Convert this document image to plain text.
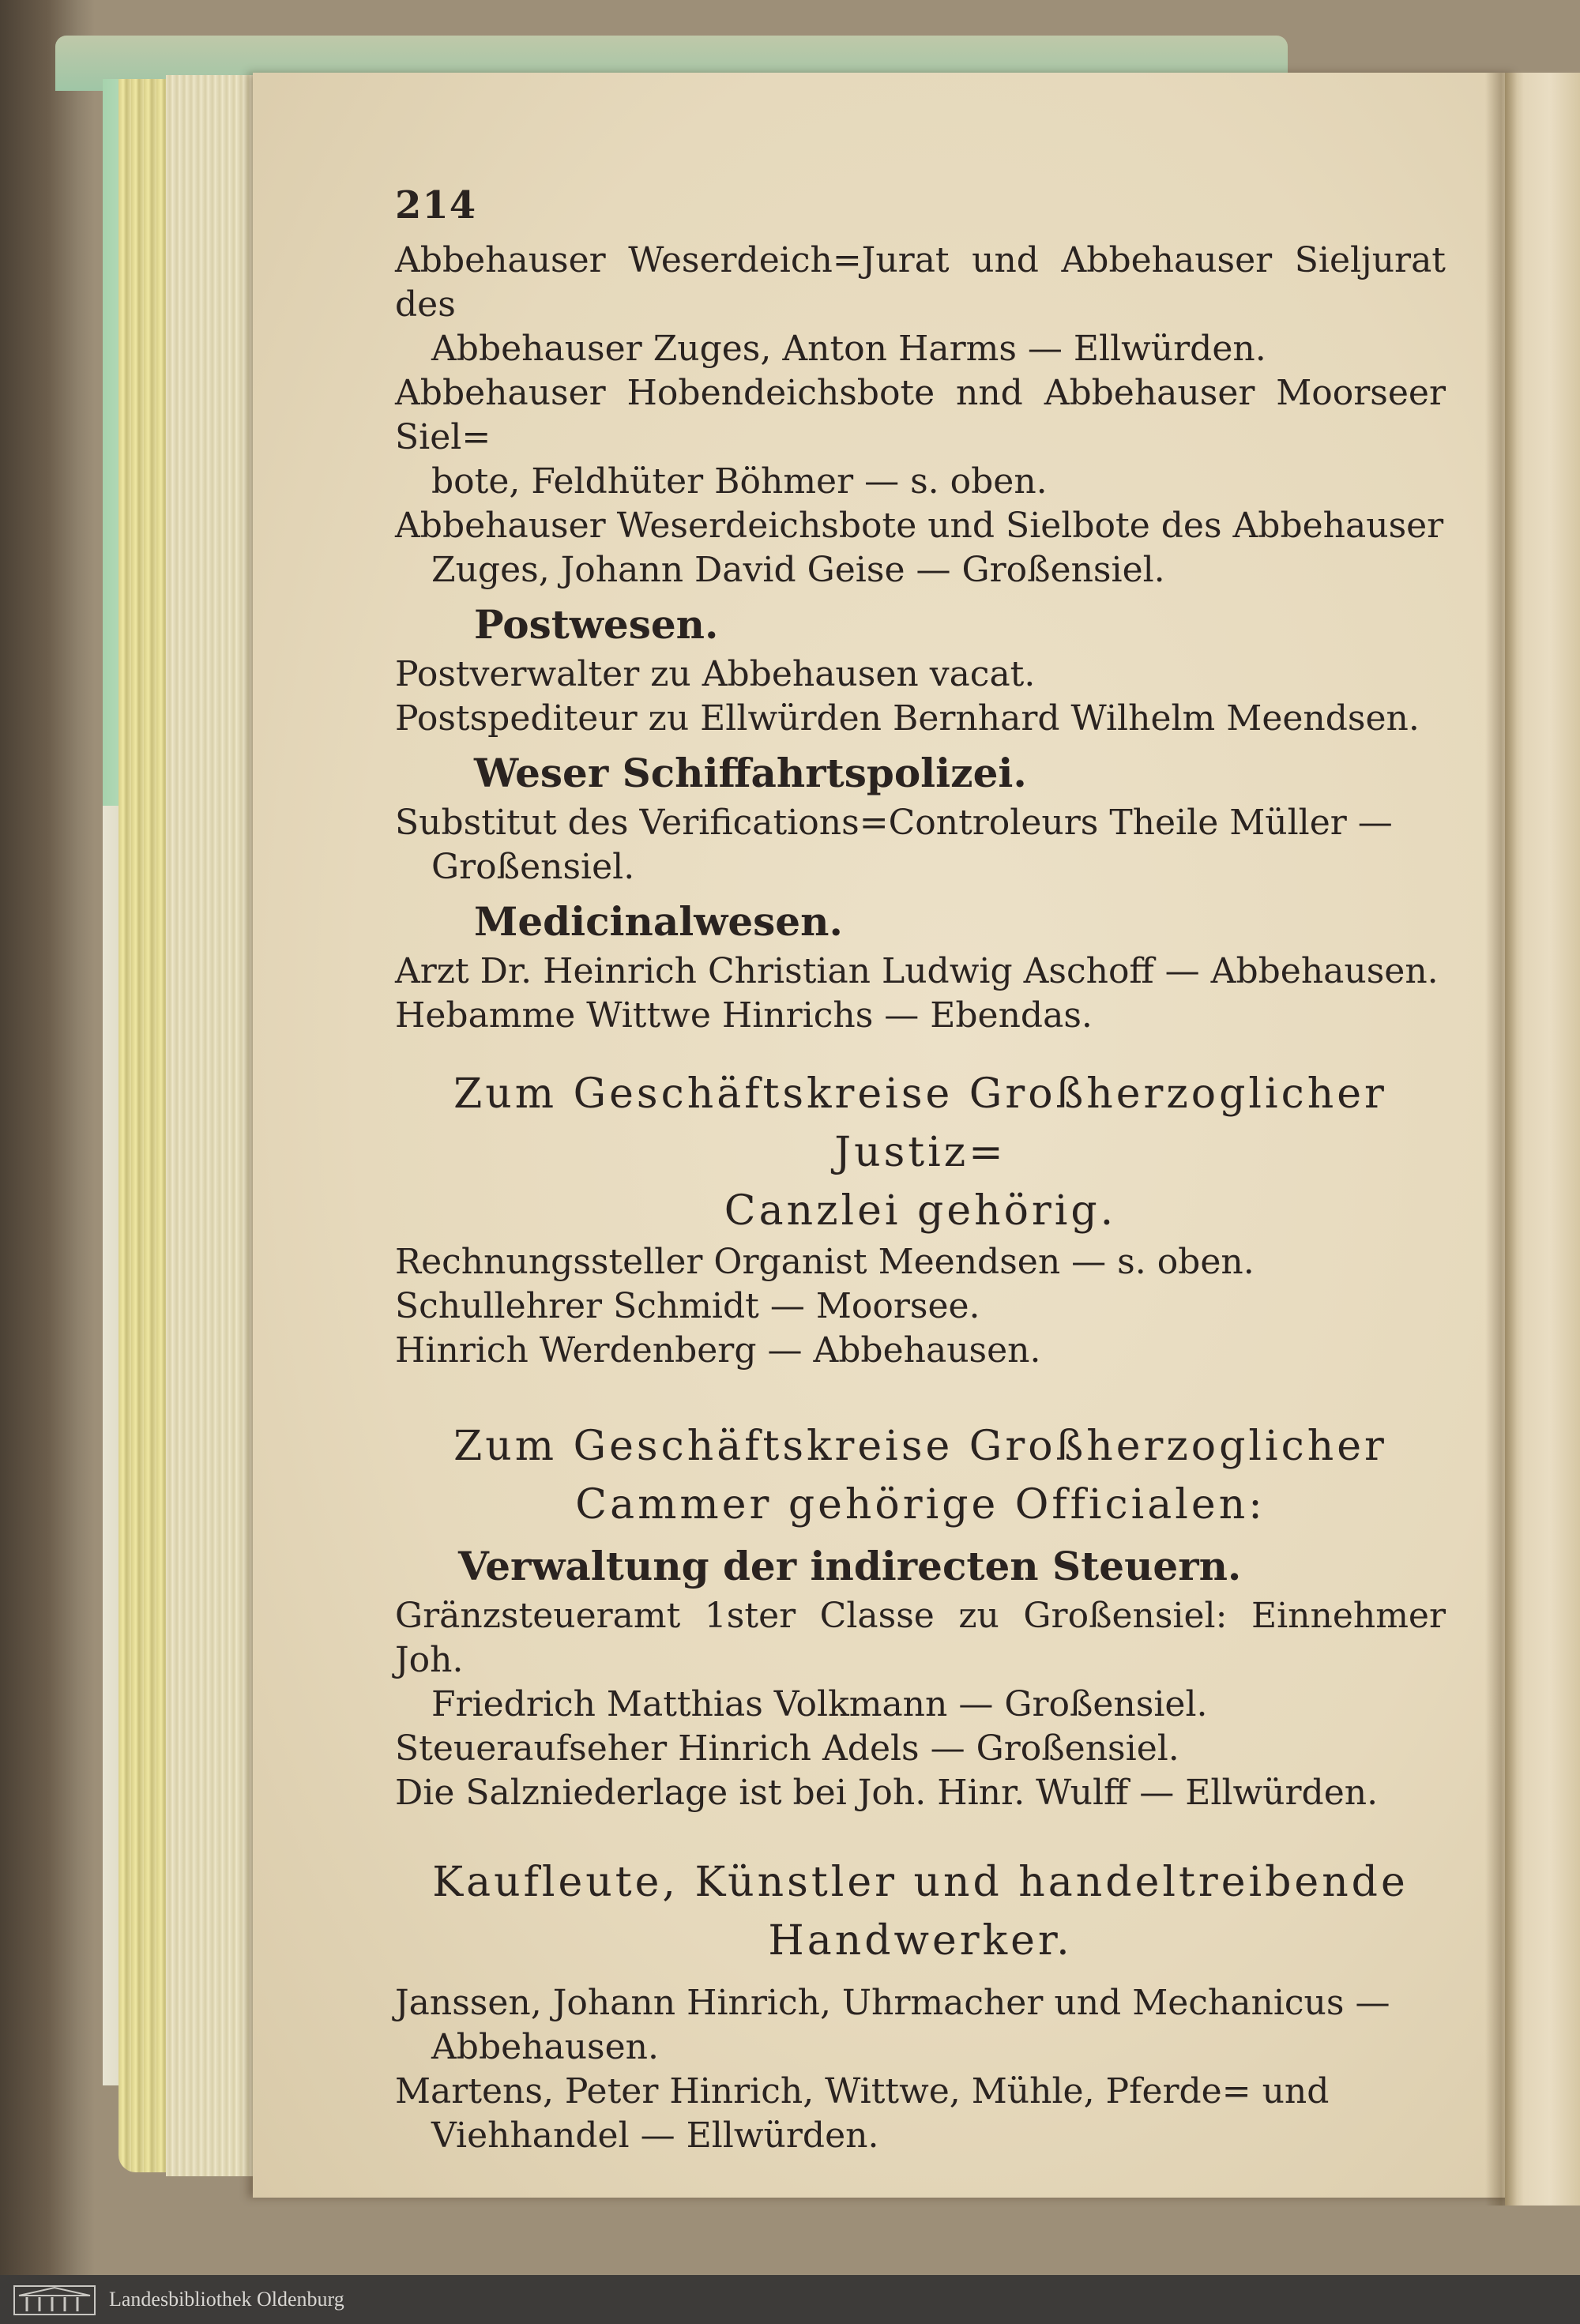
214

Abbehauser Weserdeich=Jurat und Abbehauser Sieljurat des
Abbehauser Zuges, Anton Harms — Ellwürden.

Abbehauser Hobendeichsbote nnd Abbehauser Moorseer Siel=
bote, Feldhüter Böhmer — s. oben.

Abbehauser Weserdeichsbote und Sielbote des Abbehauser
Zuges, Johann David Geise — Großensiel.

Postwesen.

Postverwalter zu Abbehausen vacat.

Postspediteur zu Ellwürden Bernhard Wilhelm Meendsen.

Weser Schiffahrtspolizei.

Substitut des Verifications=Controleurs Theile Müller —
Großensiel.

Medicinalwesen.

Arzt Dr. Heinrich Christian Ludwig Aschoff — Abbehausen.

Hebamme Wittwe Hinrichs — Ebendas.

Zum Geschäftskreise Großherzoglicher Justiz=
Canzlei gehörig.

Rechnungssteller Organist Meendsen — s. oben.

Schullehrer Schmidt — Moorsee.

Hinrich Werdenberg — Abbehausen.

Zum Geschäftskreise Großherzoglicher
Cammer gehörige Officialen:
Verwaltung der indirecten Steuern.

Gränzsteueramt 1ster Classe zu Großensiel: Einnehmer Joh.
Friedrich Matthias Volkmann — Großensiel.

Steueraufseher Hinrich Adels — Großensiel.

Die Salzniederlage ist bei Joh. Hinr. Wulff — Ellwürden.

Kaufleute, Künstler und handeltreibende
Handwerker.

Janssen, Johann Hinrich, Uhrmacher und Mechanicus —
Abbehausen.

Martens, Peter Hinrich, Wittwe, Mühle, Pferde= und
Viehhandel — Ellwürden.

Landesbibliothek Oldenburg
